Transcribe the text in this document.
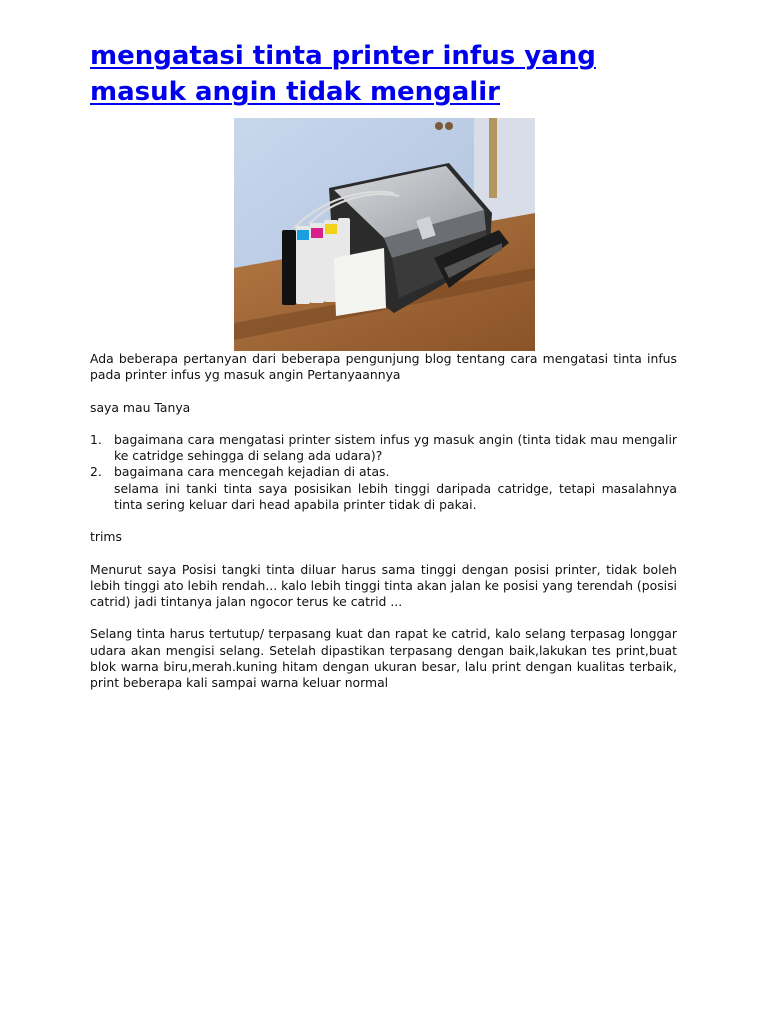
mengatasi tinta printer infus yang masuk angin tidak mengalir

Ada beberapa pertanyan dari beberapa pengunjung blog tentang cara mengatasi tinta infus pada printer infus yg masuk angin Pertanyaannya

saya mau Tanya

1. bagaimana cara mengatasi printer sistem infus yg masuk angin (tinta tidak mau mengalir ke catridge sehingga di selang ada udara)?
2. bagaimana cara mencegah kejadian di atas.
selama ini tanki tinta saya posisikan lebih tinggi daripada catridge, tetapi masalahnya tinta sering keluar dari head apabila printer tidak di pakai.

trims

Menurut saya Posisi tangki tinta diluar harus sama tinggi dengan posisi printer, tidak boleh lebih tinggi ato lebih rendah... kalo lebih tinggi tinta akan jalan ke posisi yang terendah (posisi catrid) jadi tintanya jalan ngocor terus ke catrid ...

Selang tinta harus tertutup/ terpasang kuat dan rapat ke catrid, kalo selang terpasag longgar udara akan mengisi selang. Setelah dipastikan terpasang dengan baik,lakukan tes print,buat blok warna biru,merah.kuning hitam dengan ukuran besar, lalu print dengan kualitas terbaik, print beberapa kali sampai warna keluar normal
